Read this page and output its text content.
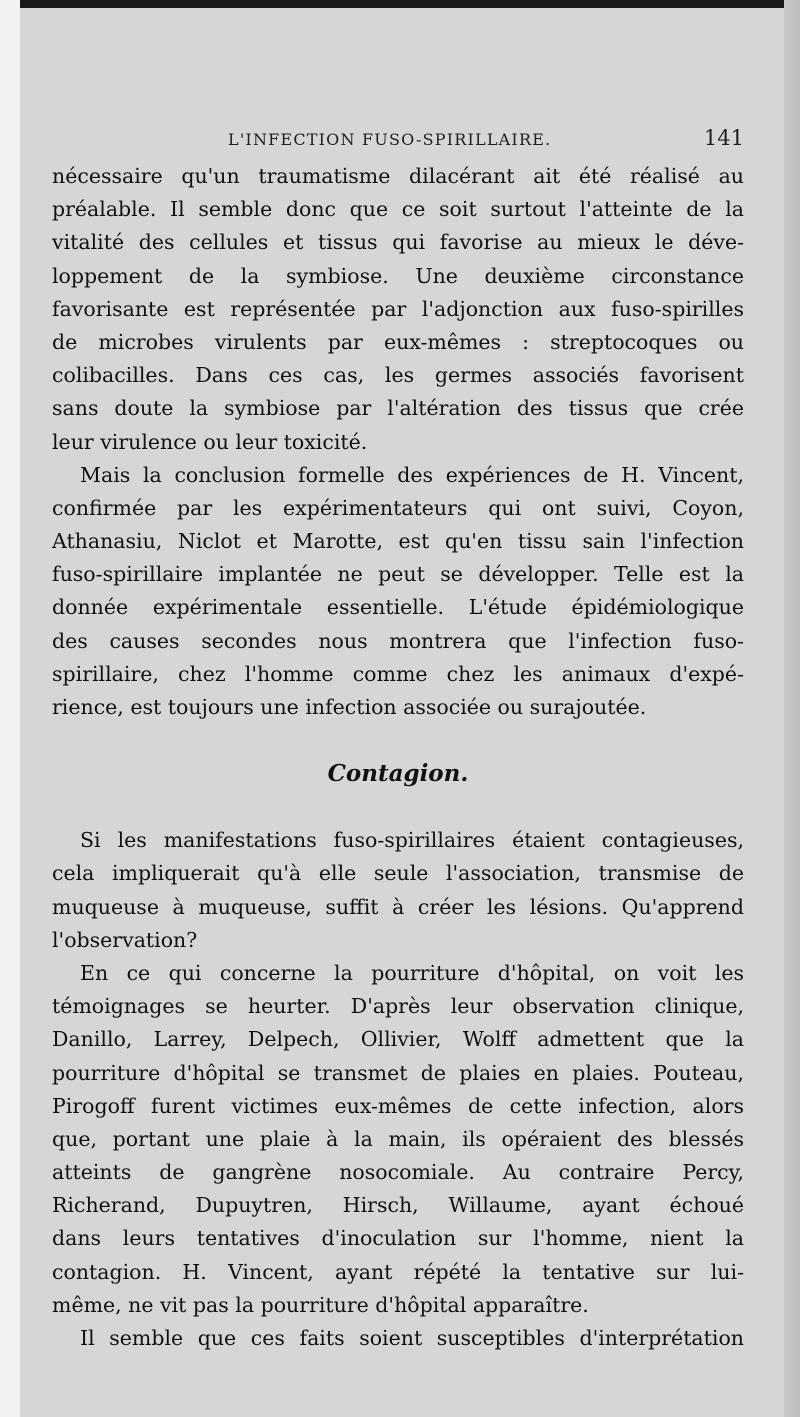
L'INFECTION FUSO-SPIRILLAIRE.	141
nécessaire qu'un traumatisme dilacérant ait été réalisé au
préalable. Il semble donc que ce soit surtout l'atteinte de la
vitalité des cellules et tissus qui favorise au mieux le déve-
loppement de la symbiose. Une deuxième circonstance
favorisante est représentée par l'adjonction aux fuso-spirilles
de microbes virulents par eux-mêmes : streptocoques ou
colibacilles. Dans ces cas, les germes associés favorisent
sans doute la symbiose par l'altération des tissus que crée
leur virulence ou leur toxicité.
Mais la conclusion formelle des expériences de H. Vincent,
confirmée par les expérimentateurs qui ont suivi, Coyon,
Athanasiu, Niclot et Marotte, est qu'en tissu sain l'infection
fuso-spirillaire implantée ne peut se développer. Telle est la
donnée expérimentale essentielle. L'étude épidémiologique
des causes secondes nous montrera que l'infection fuso-
spirillaire, chez l'homme comme chez les animaux d'expé-
rience, est toujours une infection associée ou surajoutée.
Contagion.
Si les manifestations fuso-spirillaires étaient contagieuses,
cela impliquerait qu'à elle seule l'association, transmise de
muqueuse à muqueuse, suffit à créer les lésions. Qu'apprend
l'observation?
En ce qui concerne la pourriture d'hôpital, on voit les
témoignages se heurter. D'après leur observation clinique,
Danillo, Larrey, Delpech, Ollivier, Wolff admettent que la
pourriture d'hôpital se transmet de plaies en plaies. Pouteau,
Pirogoff furent victimes eux-mêmes de cette infection, alors
que, portant une plaie à la main, ils opéraient des blessés
atteints de gangrène nosocomiale. Au contraire Percy,
Richerand, Dupuytren, Hirsch, Willaume, ayant échoué
dans leurs tentatives d'inoculation sur l'homme, nient la
contagion. H. Vincent, ayant répété la tentative sur lui-
même, ne vit pas la pourriture d'hôpital apparaître.
Il semble que ces faits soient susceptibles d'interprétation
